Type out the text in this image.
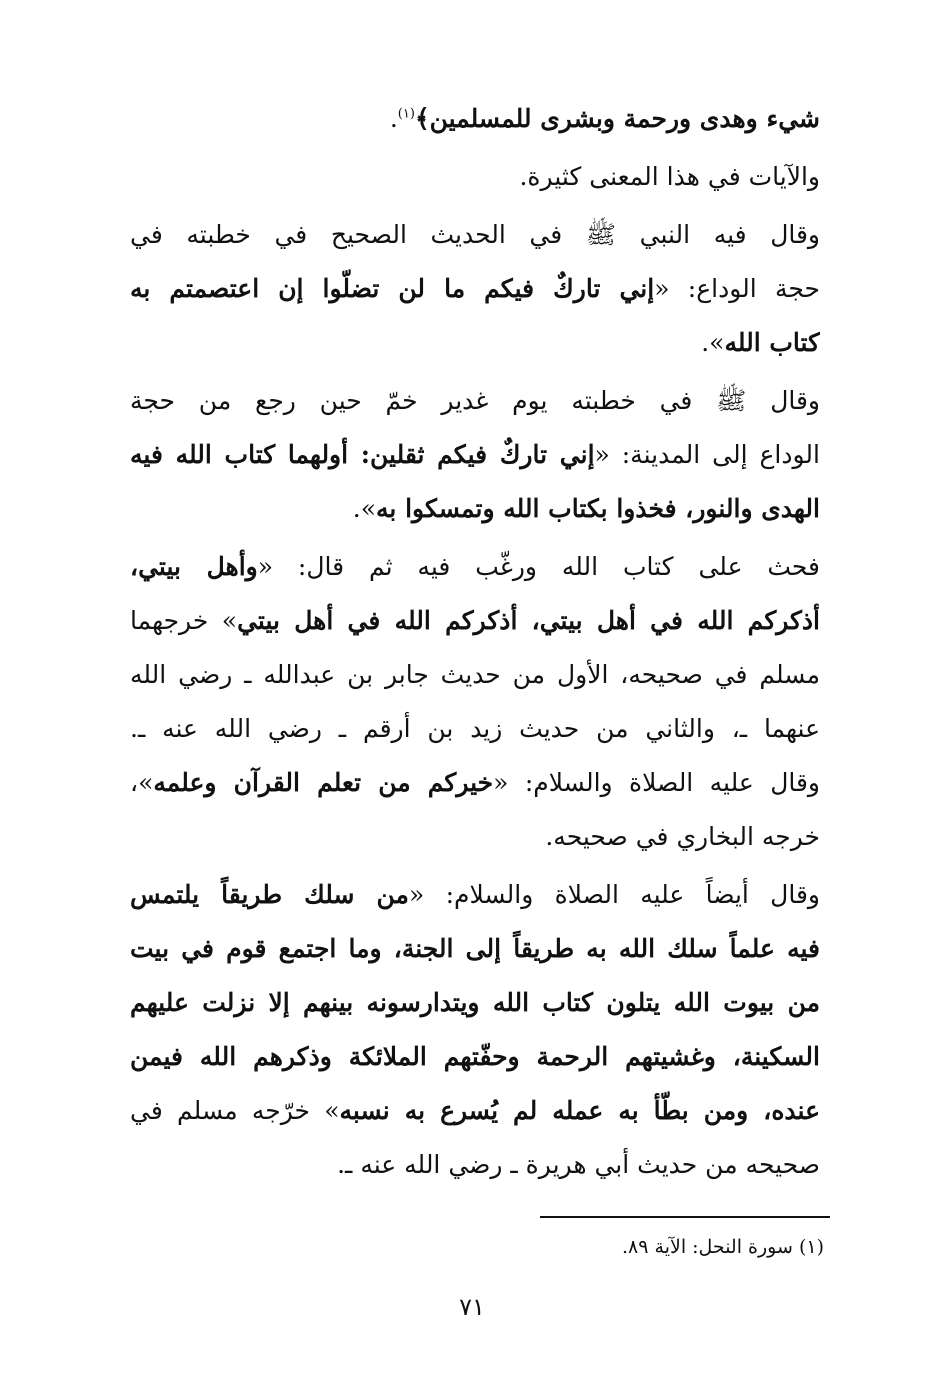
شيء وهدى ورحمة وبشرى للمسلمين﴾$^{(١)}$.
والآيات في هذا المعنى كثيرة.
وقال فيه النبي ﷺ في الحديث الصحيح في خطبته في
حجة الوداع: «إني تاركٌ فيكم ما لن تضلّوا إن اعتصمتم به
كتاب الله».
وقال ﷺ في خطبته يوم غدير خمّ حين رجع من حجة
الوداع إلى المدينة: «إني تاركٌ فيكم ثقلين: أولهما كتاب الله فيه
الهدى والنور، فخذوا بكتاب الله وتمسكوا به».
فحث على كتاب الله ورغّب فيه ثم قال: «وأهل بيتي،
أذكركم الله في أهل بيتي، أذكركم الله في أهل بيتي» خرجهما
مسلم في صحيحه، الأول من حديث جابر بن عبدالله ـ رضي الله
عنهما ـ، والثاني من حديث زيد بن أرقم ـ رضي الله عنه ـ.
وقال عليه الصلاة والسلام: «خيركم من تعلم القرآن وعلمه»،
خرجه البخاري في صحيحه.
وقال أيضاً عليه الصلاة والسلام: «من سلك طريقاً يلتمس
فيه علماً سلك الله به طريقاً إلى الجنة، وما اجتمع قوم في بيت
من بيوت الله يتلون كتاب الله ويتدارسونه بينهم إلا نزلت عليهم
السكينة، وغشيتهم الرحمة وحفّتهم الملائكة وذكرهم الله فيمن
عنده، ومن بطّأ به عمله لم يُسرع به نسبه» خرّجه مسلم في
صحيحه من حديث أبي هريرة ـ رضي الله عنه ـ.
(١) سورة النحل: الآية ٨٩.
٧١
